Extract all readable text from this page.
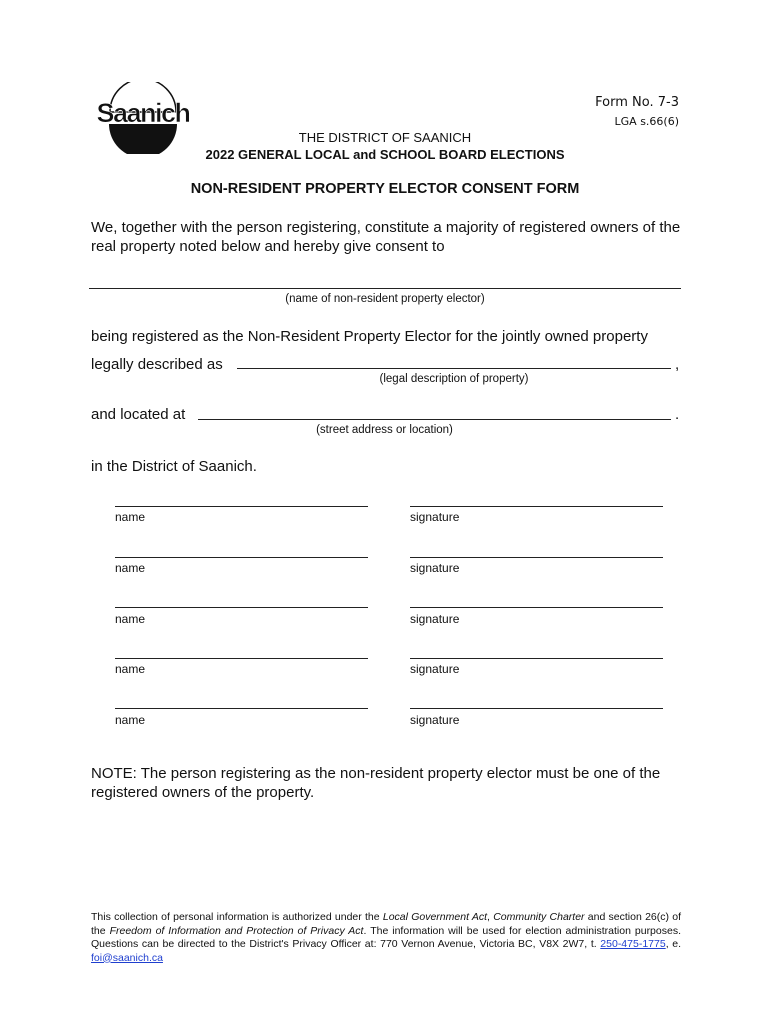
Saanich	Form No. 7-3
LGA s.66(6)
THE DISTRICT OF SAANICH
2022 GENERAL LOCAL and SCHOOL BOARD ELECTIONS
NON-RESIDENT PROPERTY ELECTOR CONSENT FORM
We, together with the person registering, constitute a majority of registered owners of the real property noted below and hereby give consent to
(name of non-resident property elector)
being registered as the Non-Resident Property Elector for the jointly owned property
legally described as	,
(legal description of property)
and located at	.
(street address or location)
in the District of Saanich.
name	signature
name	signature
name	signature
name	signature
name	signature
NOTE: The person registering as the non-resident property elector must be one of the registered owners of the property.
This collection of personal information is authorized under the Local Government Act, Community Charter and section 26(c) of the Freedom of Information and Protection of Privacy Act. The information will be used for election administration purposes. Questions can be directed to the District's Privacy Officer at: 770 Vernon Avenue, Victoria BC, V8X 2W7, t. 250-475-1775, e. foi@saanich.ca
